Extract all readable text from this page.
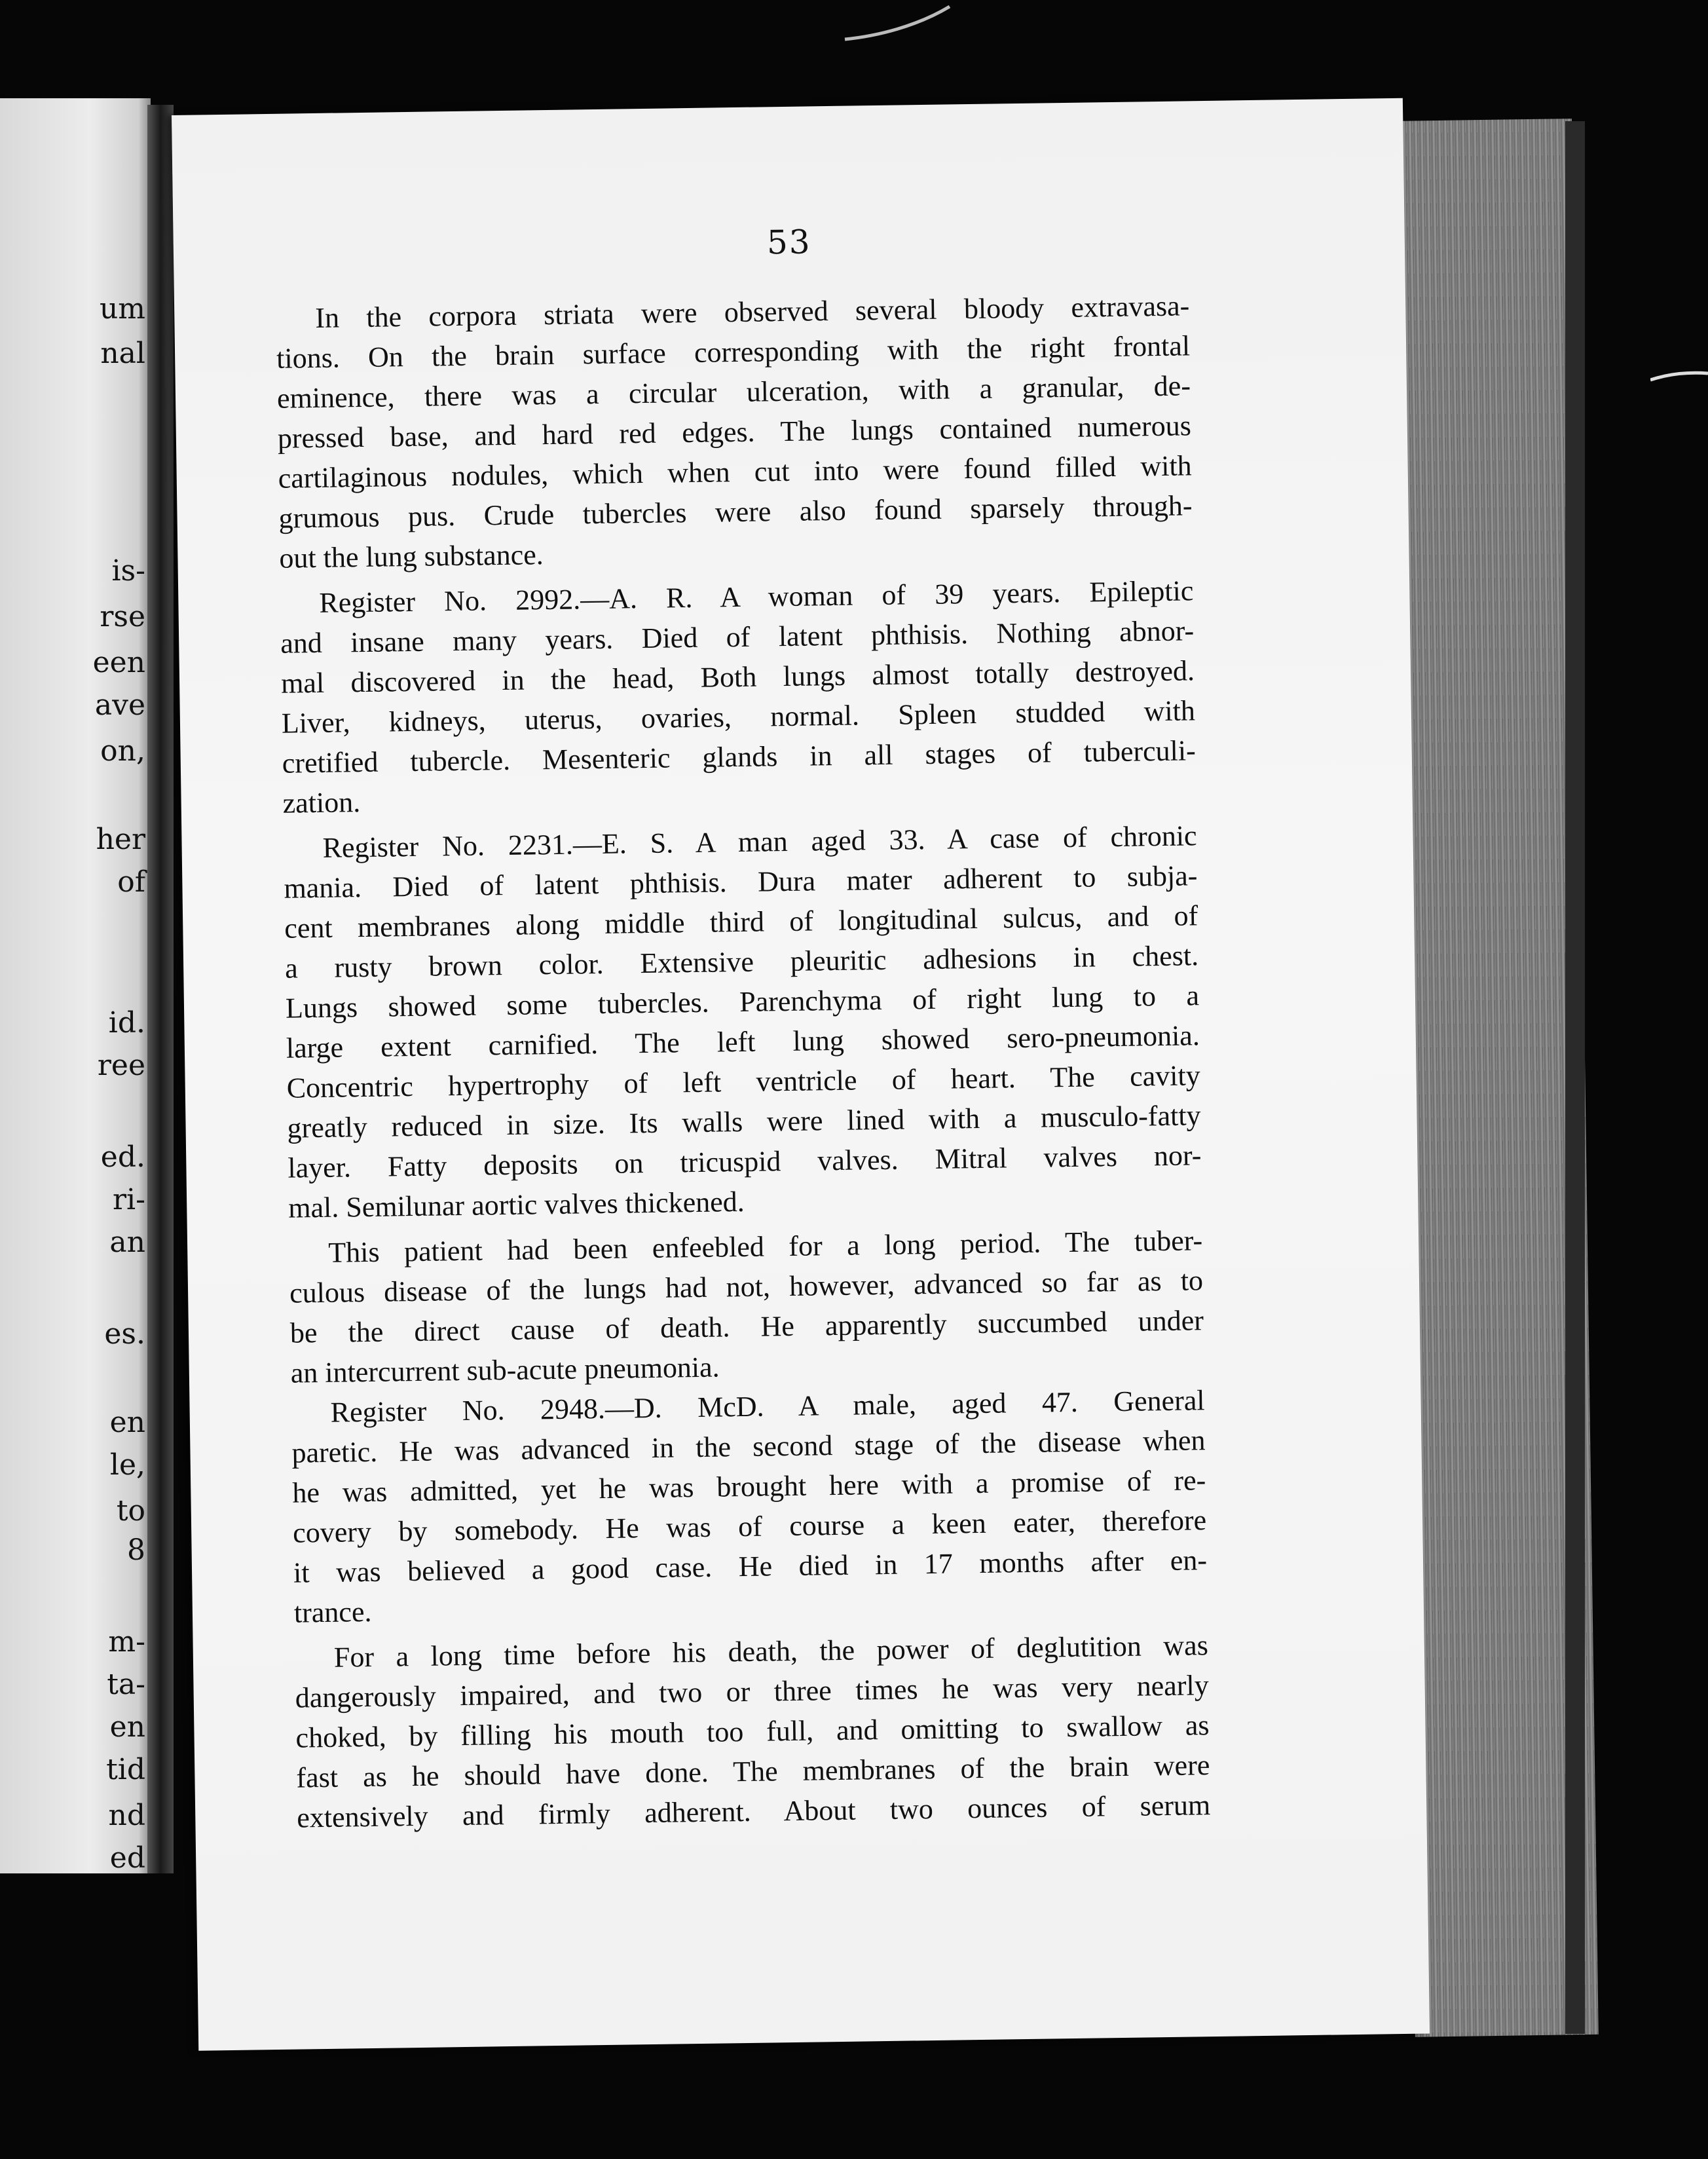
um
nal
is-
rse
een
ave
on,
her
of
id.
ree
ed.
ri-
an
es.
en
le,
to
8
m-
ta-
en
tid
nd
ed
53
In the corpora striata were observed several bloody extravasa-
tions. On the brain surface corresponding with the right frontal
eminence, there was a circular ulceration, with a granular, de-
pressed base, and hard red edges. The lungs contained numerous
cartilaginous nodules, which when cut into were found filled with
grumous pus. Crude tubercles were also found sparsely through-
out the lung substance.
Register No. 2992.—A. R. A woman of 39 years. Epileptic
and insane many years. Died of latent phthisis. Nothing abnor-
mal discovered in the head, Both lungs almost totally destroyed.
Liver, kidneys, uterus, ovaries, normal. Spleen studded with
cretified tubercle. Mesenteric glands in all stages of tuberculi-
zation.
Register No. 2231.—E. S. A man aged 33. A case of chronic
mania. Died of latent phthisis. Dura mater adherent to subja-
cent membranes along middle third of longitudinal sulcus, and of
a rusty brown color. Extensive pleuritic adhesions in chest.
Lungs showed some tubercles. Parenchyma of right lung to a
large extent carnified. The left lung showed sero-pneumonia.
Concentric hypertrophy of left ventricle of heart. The cavity
greatly reduced in size. Its walls were lined with a musculo-fatty
layer. Fatty deposits on tricuspid valves. Mitral valves nor-
mal. Semilunar aortic valves thickened.
This patient had been enfeebled for a long period. The tuber-
culous disease of the lungs had not, however, advanced so far as to
be the direct cause of death. He apparently succumbed under
an intercurrent sub-acute pneumonia.
Register No. 2948.—D. McD. A male, aged 47. General
paretic. He was advanced in the second stage of the disease when
he was admitted, yet he was brought here with a promise of re-
covery by somebody. He was of course a keen eater, therefore
it was believed a good case. He died in 17 months after en-
trance.
For a long time before his death, the power of deglutition was
dangerously impaired, and two or three times he was very nearly
choked, by filling his mouth too full, and omitting to swallow as
fast as he should have done. The membranes of the brain were
extensively and firmly adherent. About two ounces of serum
